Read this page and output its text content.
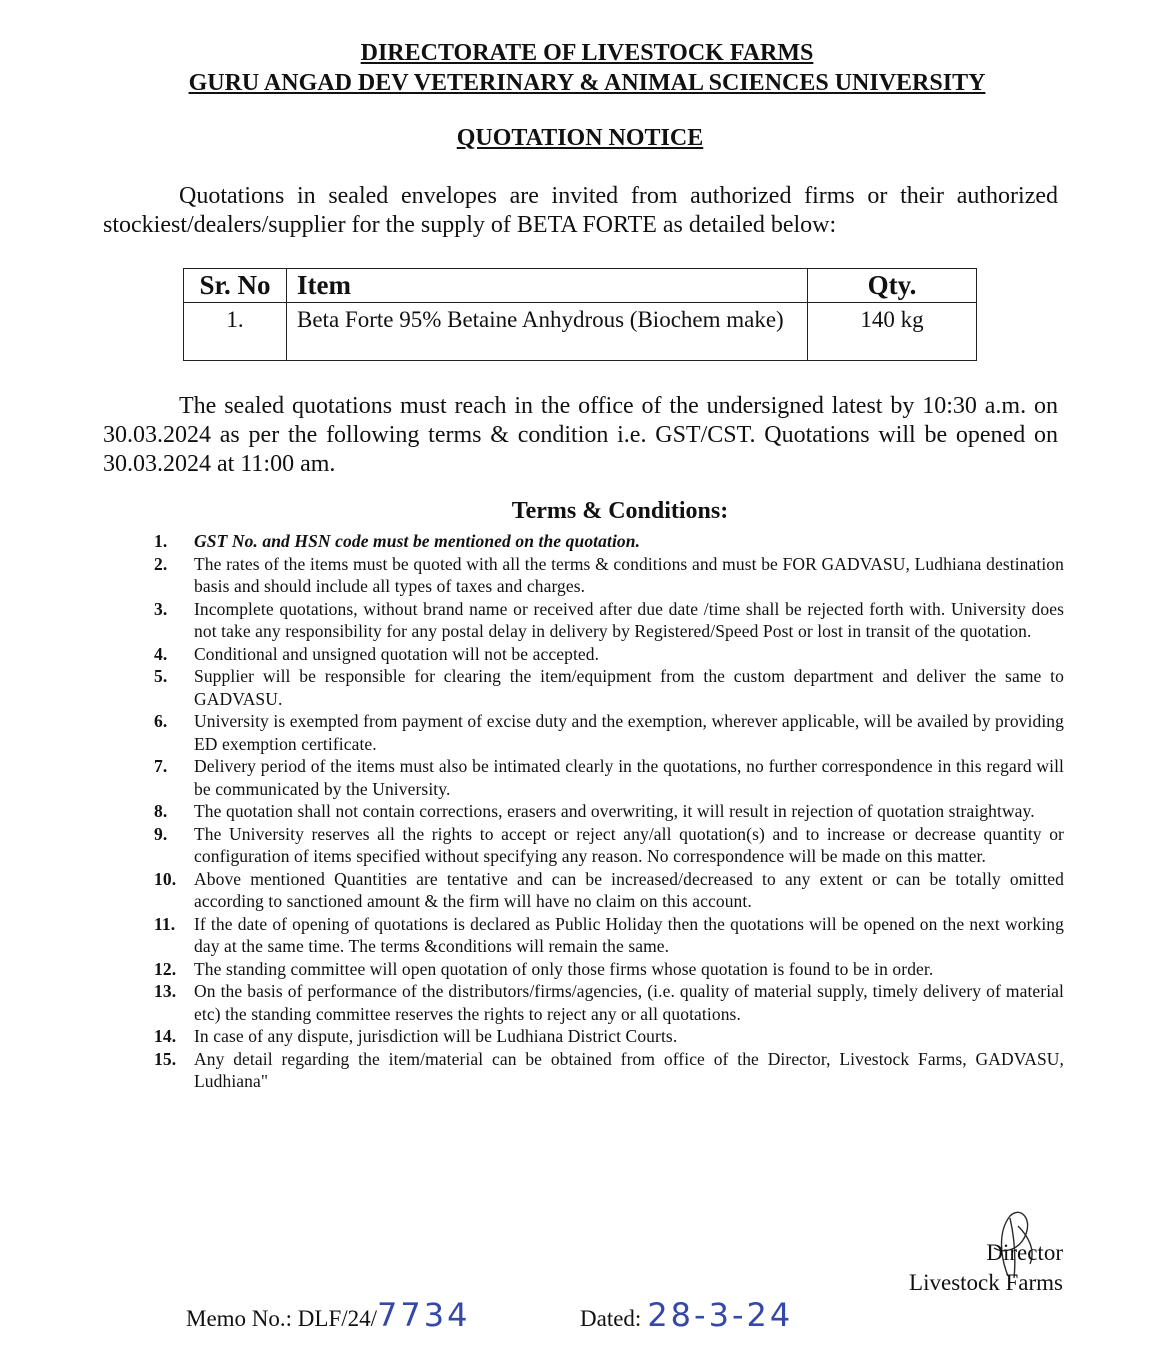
DIRECTORATE OF LIVESTOCK FARMS
GURU ANGAD DEV VETERINARY & ANIMAL SCIENCES UNIVERSITY
QUOTATION NOTICE

Quotations in sealed envelopes are invited from authorized firms or their authorized stockiest/dealers/supplier for the supply of BETA FORTE as detailed below:

Sr. No	Item	Qty.
1.	Beta Forte 95% Betaine Anhydrous (Biochem make)	140 kg

The sealed quotations must reach in the office of the undersigned latest by 10:30 a.m. on 30.03.2024 as per the following terms & condition i.e. GST/CST. Quotations will be opened on 30.03.2024 at 11:00 am.

Terms & Conditions:
1. GST No. and HSN code must be mentioned on the quotation.
2. The rates of the items must be quoted with all the terms & conditions and must be FOR GADVASU, Ludhiana destination basis and should include all types of taxes and charges.
3. Incomplete quotations, without brand name or received after due date /time shall be rejected forth with. University does not take any responsibility for any postal delay in delivery by Registered/Speed Post or lost in transit of the quotation.
4. Conditional and unsigned quotation will not be accepted.
5. Supplier will be responsible for clearing the item/equipment from the custom department and deliver the same to GADVASU.
6. University is exempted from payment of excise duty and the exemption, wherever applicable, will be availed by providing ED exemption certificate.
7. Delivery period of the items must also be intimated clearly in the quotations, no further correspondence in this regard will be communicated by the University.
8. The quotation shall not contain corrections, erasers and overwriting, it will result in rejection of quotation straightway.
9. The University reserves all the rights to accept or reject any/all quotation(s) and to increase or decrease quantity or configuration of items specified without specifying any reason. No correspondence will be made on this matter.
10. Above mentioned Quantities are tentative and can be increased/decreased to any extent or can be totally omitted according to sanctioned amount & the firm will have no claim on this account.
11. If the date of opening of quotations is declared as Public Holiday then the quotations will be opened on the next working day at the same time. The terms &conditions will remain the same.
12. The standing committee will open quotation of only those firms whose quotation is found to be in order.
13. On the basis of performance of the distributors/firms/agencies, (i.e. quality of material supply, timely delivery of material etc) the standing committee reserves the rights to reject any or all quotations.
14. In case of any dispute, jurisdiction will be Ludhiana District Courts.
15. Any detail regarding the item/material can be obtained from office of the Director, Livestock Farms, GADVASU, Ludhiana"
Director
Livestock Farms
Memo No.: DLF/24/7734	Dated: 28-3-24
